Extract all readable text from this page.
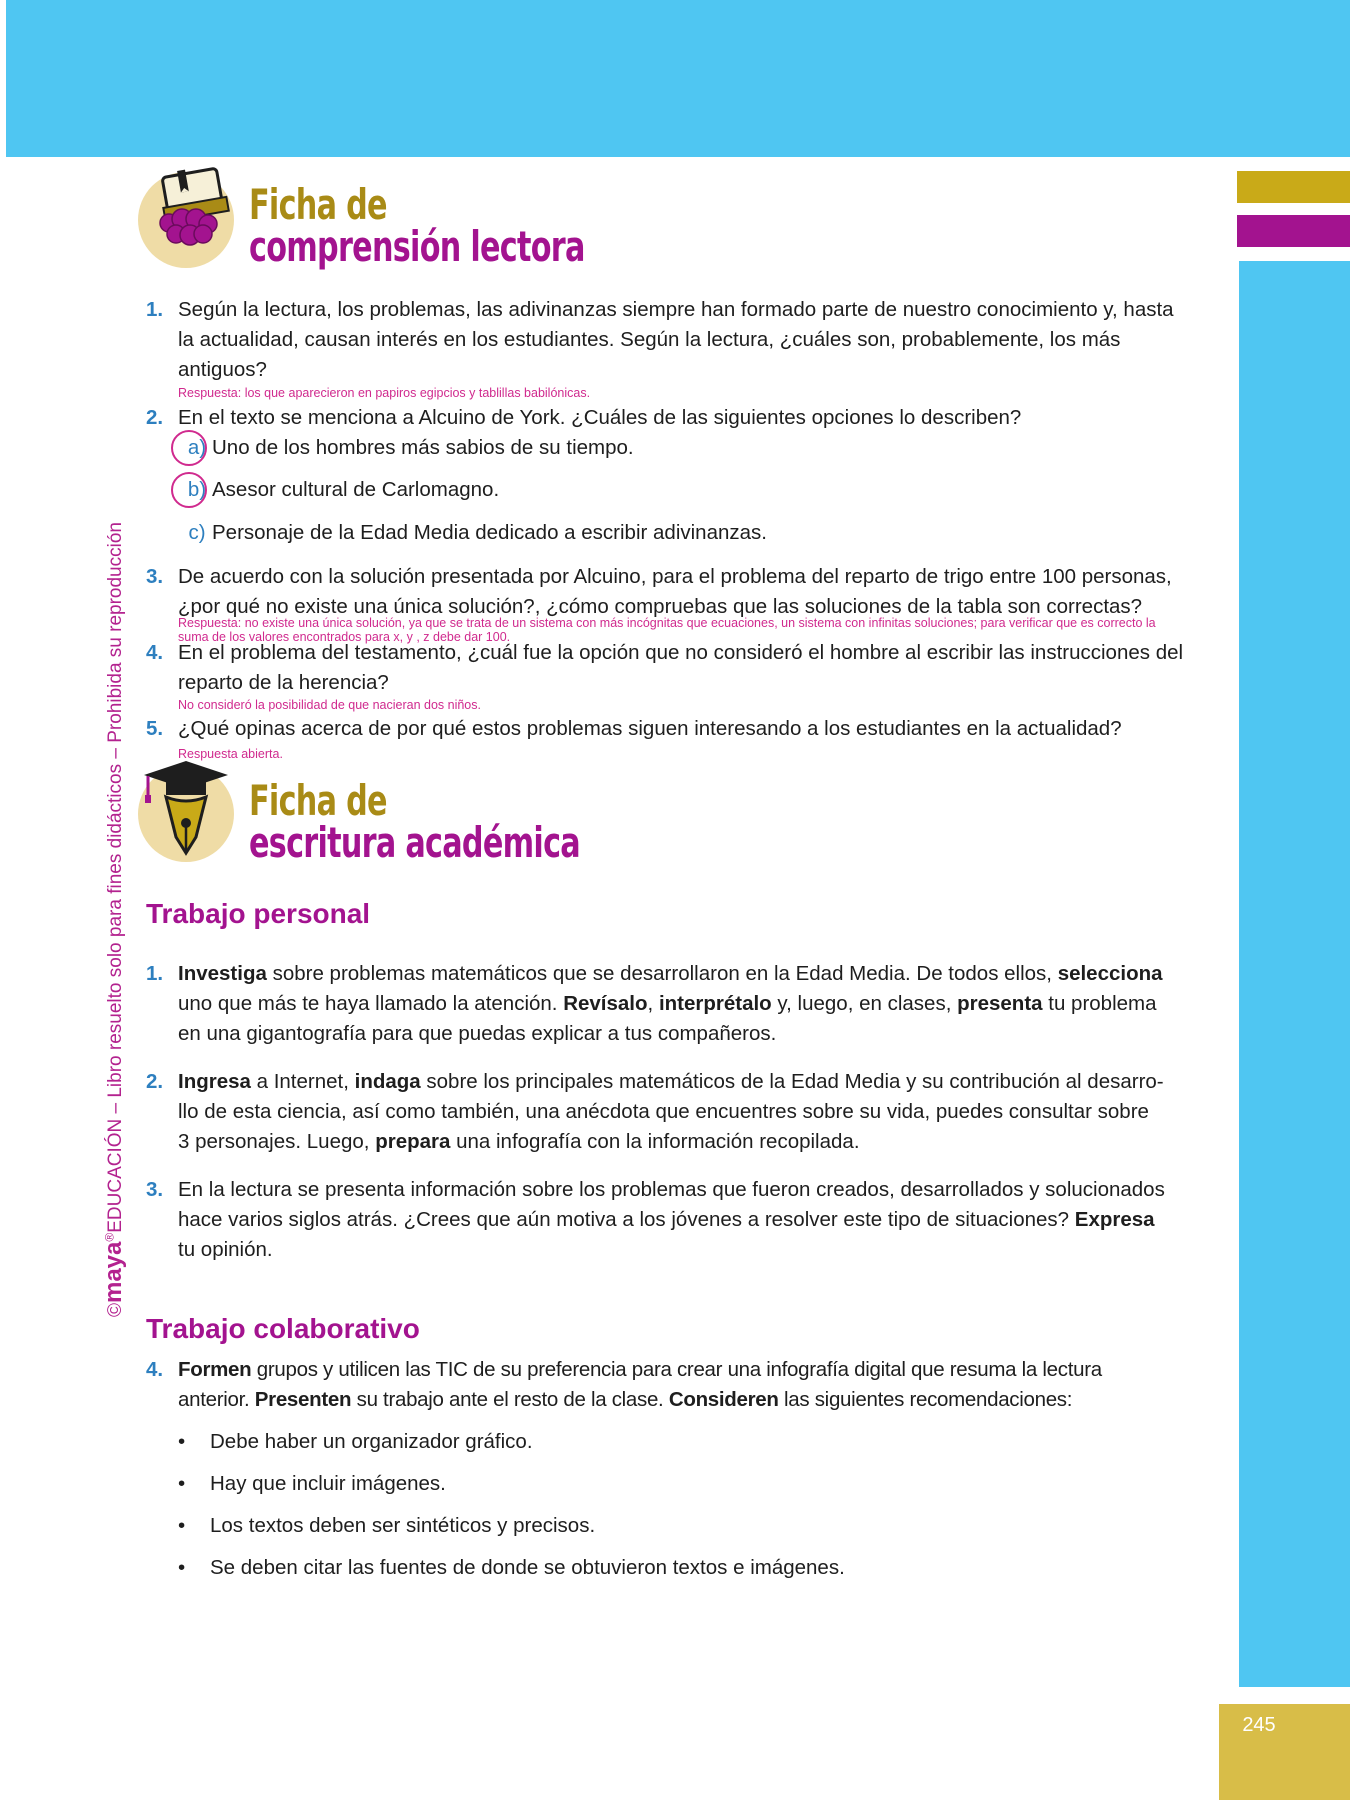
245
©maya®EDUCACIÓN – Libro resuelto solo para fines didácticos – Prohibida su reproducción
Ficha de
comprensión lectora
1. Según la lectura, los problemas, las adivinanzas siempre han formado parte de nuestro conocimiento y, hasta la actualidad, causan interés en los estudiantes. Según la lectura, ¿cuáles son, probablemente, los más antiguos?
Respuesta: los que aparecieron en papiros egipcios y tablillas babilónicas.
2. En el texto se menciona a Alcuino de York. ¿Cuáles de las siguientes opciones lo describen?
a) Uno de los hombres más sabios de su tiempo.
b) Asesor cultural de Carlomagno.
c) Personaje de la Edad Media dedicado a escribir adivinanzas.
3. De acuerdo con la solución presentada por Alcuino, para el problema del reparto de trigo entre 100 personas, ¿por qué no existe una única solución?, ¿cómo compruebas que las soluciones de la tabla son correctas?
Respuesta: no existe una única solución, ya que se trata de un sistema con más incógnitas que ecuaciones, un sistema con infinitas soluciones; para verificar que es correcto la suma de los valores encontrados para x, y , z debe dar 100.
4. En el problema del testamento, ¿cuál fue la opción que no consideró el hombre al escribir las instrucciones del reparto de la herencia?
No consideró la posibilidad de que nacieran dos niños.
5. ¿Qué opinas acerca de por qué estos problemas siguen interesando a los estudiantes en la actualidad?
Respuesta abierta.
Ficha de
escritura académica
Trabajo personal
1. Investiga sobre problemas matemáticos que se desarrollaron en la Edad Media. De todos ellos, selecciona uno que más te haya llamado la atención. Revísalo, interprétalo y, luego, en clases, presenta tu problema en una gigantografía para que puedas explicar a tus compañeros.
2. Ingresa a Internet, indaga sobre los principales matemáticos de la Edad Media y su contribución al desarro-llo de esta ciencia, así como también, una anécdota que encuentres sobre su vida, puedes consultar sobre 3 personajes. Luego, prepara una infografía con la información recopilada.
3. En la lectura se presenta información sobre los problemas que fueron creados, desarrollados y solucionados hace varios siglos atrás. ¿Crees que aún motiva a los jóvenes a resolver este tipo de situaciones? Expresa tu opinión.
Trabajo colaborativo
4. Formen grupos y utilicen las TIC de su preferencia para crear una infografía digital que resuma la lectura anterior. Presenten su trabajo ante el resto de la clase. Consideren las siguientes recomendaciones:
• Debe haber un organizador gráfico.
• Hay que incluir imágenes.
• Los textos deben ser sintéticos y precisos.
• Se deben citar las fuentes de donde se obtuvieron textos e imágenes.
